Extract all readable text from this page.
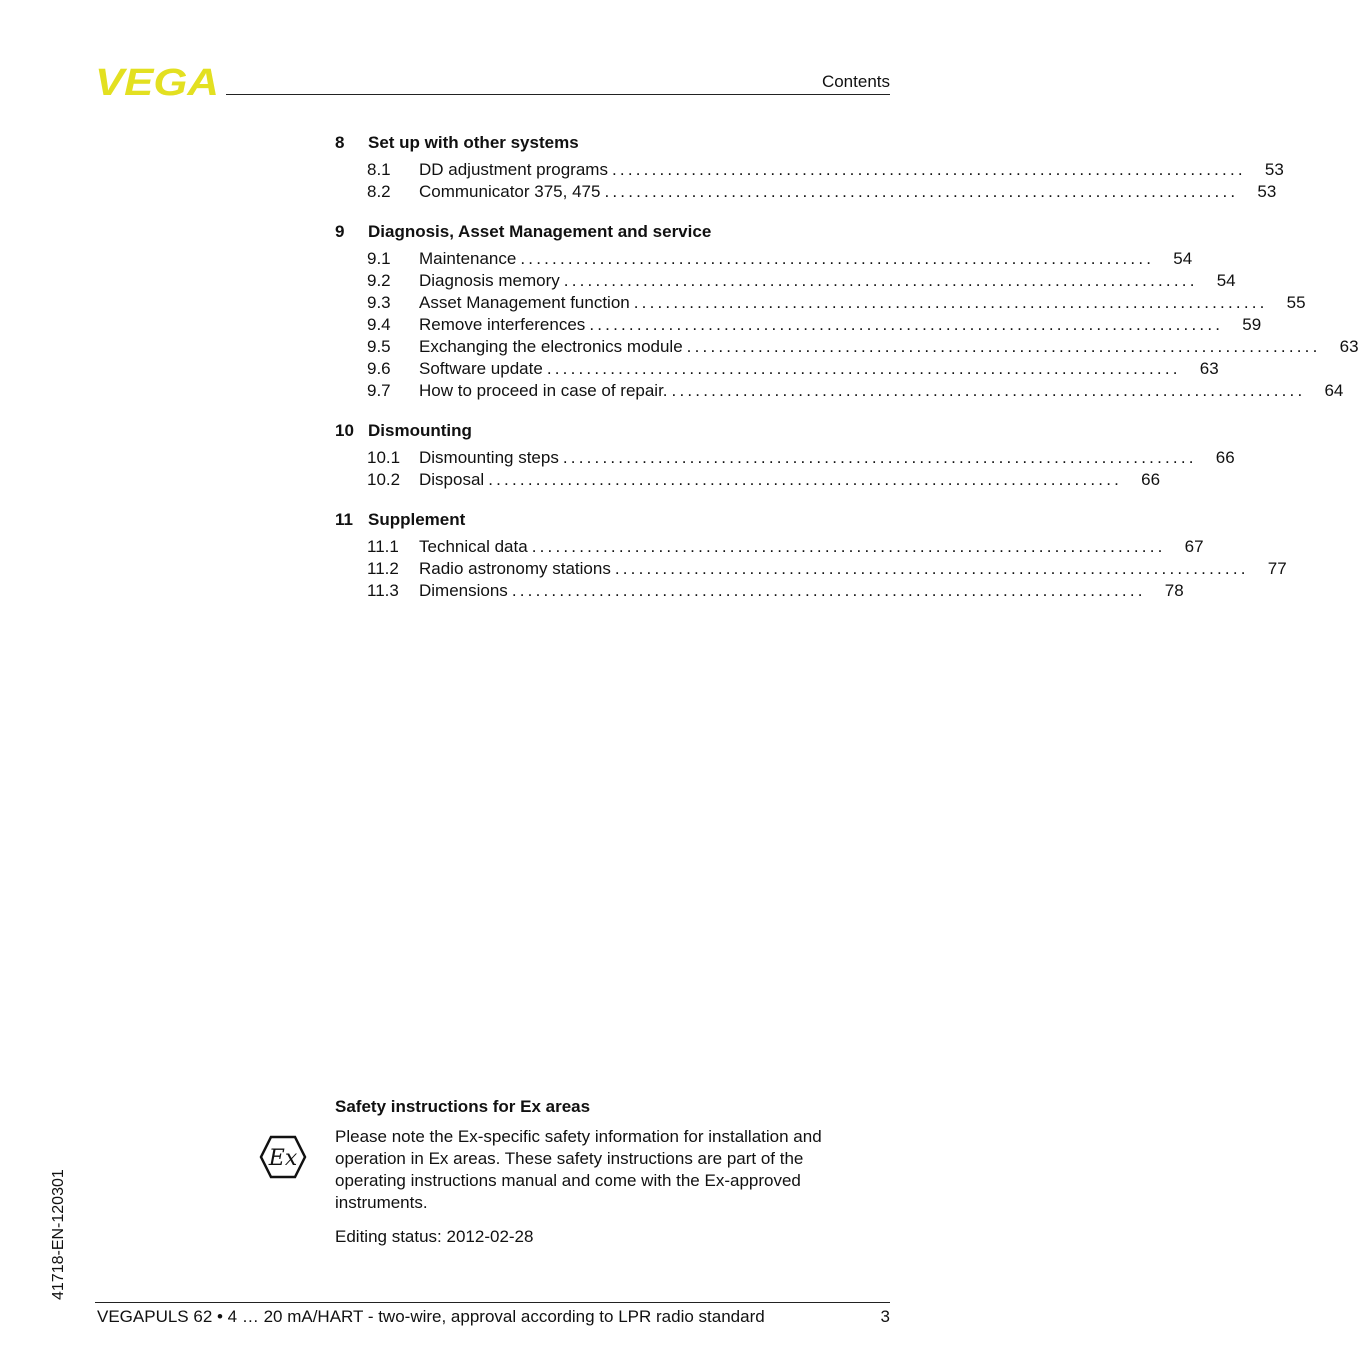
VEGA	Contents
8	Set up with other systems
8.1	DD adjustment programs ................................................................................	53
8.2	Communicator 375, 475 ................................................................................	53
9	Diagnosis, Asset Management and service
9.1	Maintenance ................................................................................	54
9.2	Diagnosis memory ................................................................................	54
9.3	Asset Management function ................................................................................	55
9.4	Remove interferences ................................................................................	59
9.5	Exchanging the electronics module ................................................................................	63
9.6	Software update ................................................................................	63
9.7	How to proceed in case of repair. ................................................................................	64
10 Dismounting
10.1	Dismounting steps ................................................................................	66
10.2	Disposal ................................................................................	66
11 Supplement
11.1	Technical data ................................................................................	67
11.2	Radio astronomy stations ................................................................................	77
11.3	Dimensions ................................................................................	78
Ex
Safety instructions for Ex areas

Please note the Ex-specific safety information for installation and operation in Ex areas. These safety instructions are part of the operating instructions manual and come with the Ex-approved instruments.

Editing status: 2012-02-28
41718-EN-120301
VEGAPULS 62 • 4 … 20 mA/HART - two-wire, approval according to LPR radio standard	3
